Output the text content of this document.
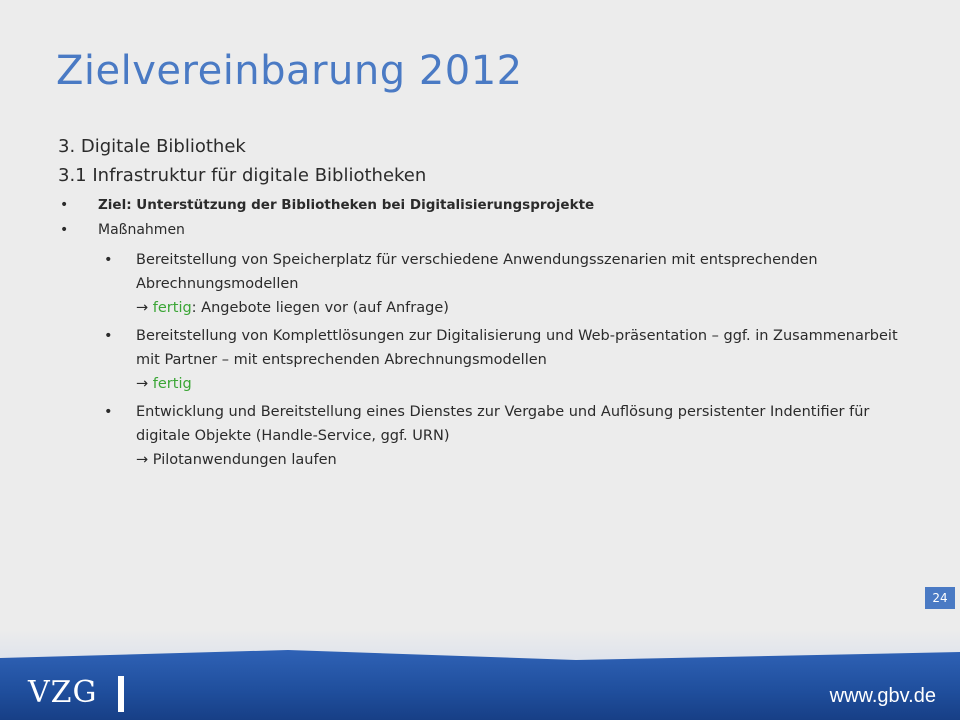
Zielvereinbarung 2012
3. Digitale Bibliothek
3.1 Infrastruktur für digitale Bibliotheken
• Ziel: Unterstützung der Bibliotheken bei Digitalisierungsprojekte
• Maßnahmen
• Bereitstellung von Speicherplatz für verschiedene Anwendungsszenarien mit entsprechenden Abrechnungsmodellen
→ fertig: Angebote liegen vor (auf Anfrage)
• Bereitstellung von Komplettlösungen zur Digitalisierung und Web-präsentation – ggf. in Zusammenarbeit mit Partner – mit entsprechenden Abrechnungsmodellen
→ fertig
• Entwicklung und Bereitstellung eines Dienstes zur Vergabe und Auflösung persistenter Indentifier für digitale Objekte (Handle-Service, ggf. URN)
→ Pilotanwendungen laufen
24
VZG	www.gbv.de
